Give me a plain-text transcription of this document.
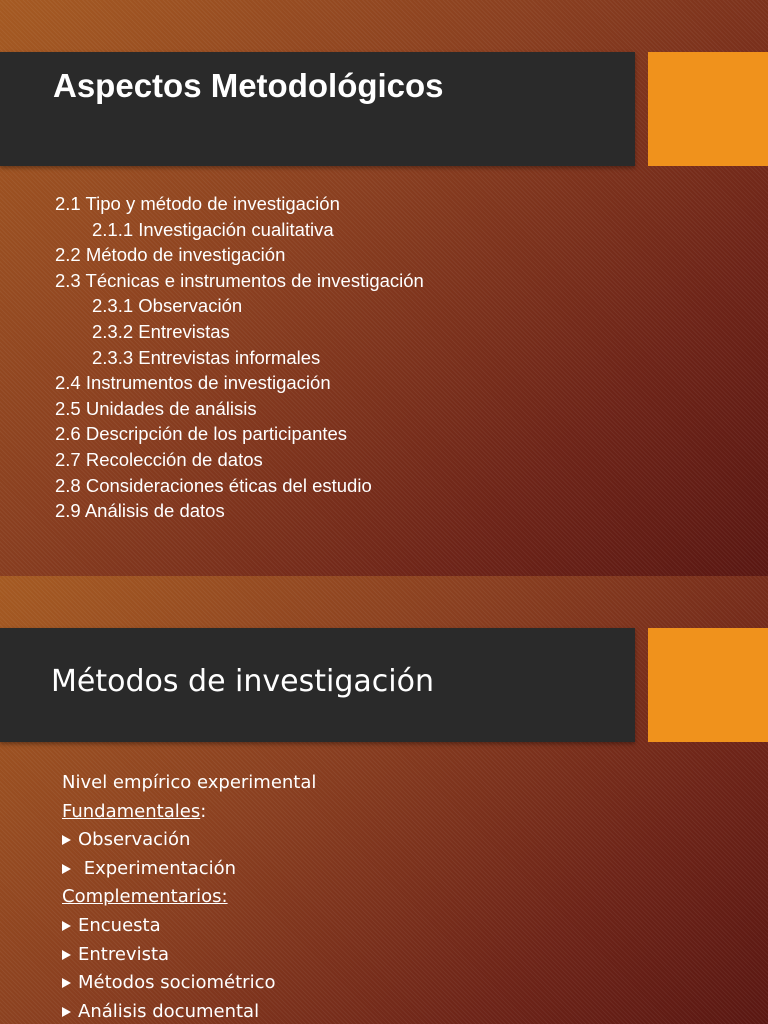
Aspectos Metodológicos
2.1 Tipo y método de investigación
2.1.1 Investigación cualitativa
2.2 Método de investigación
2.3 Técnicas e instrumentos de investigación
2.3.1 Observación
2.3.2 Entrevistas
2.3.3 Entrevistas informales
2.4 Instrumentos de investigación
2.5 Unidades de análisis
2.6 Descripción de los participantes
2.7 Recolección de datos
2.8 Consideraciones éticas del estudio
2.9 Análisis de datos
Métodos de investigación
Nivel empírico experimental
Fundamentales:
Observación
Experimentación
Complementarios:
Encuesta
Entrevista
Métodos sociométrico
Análisis documental
